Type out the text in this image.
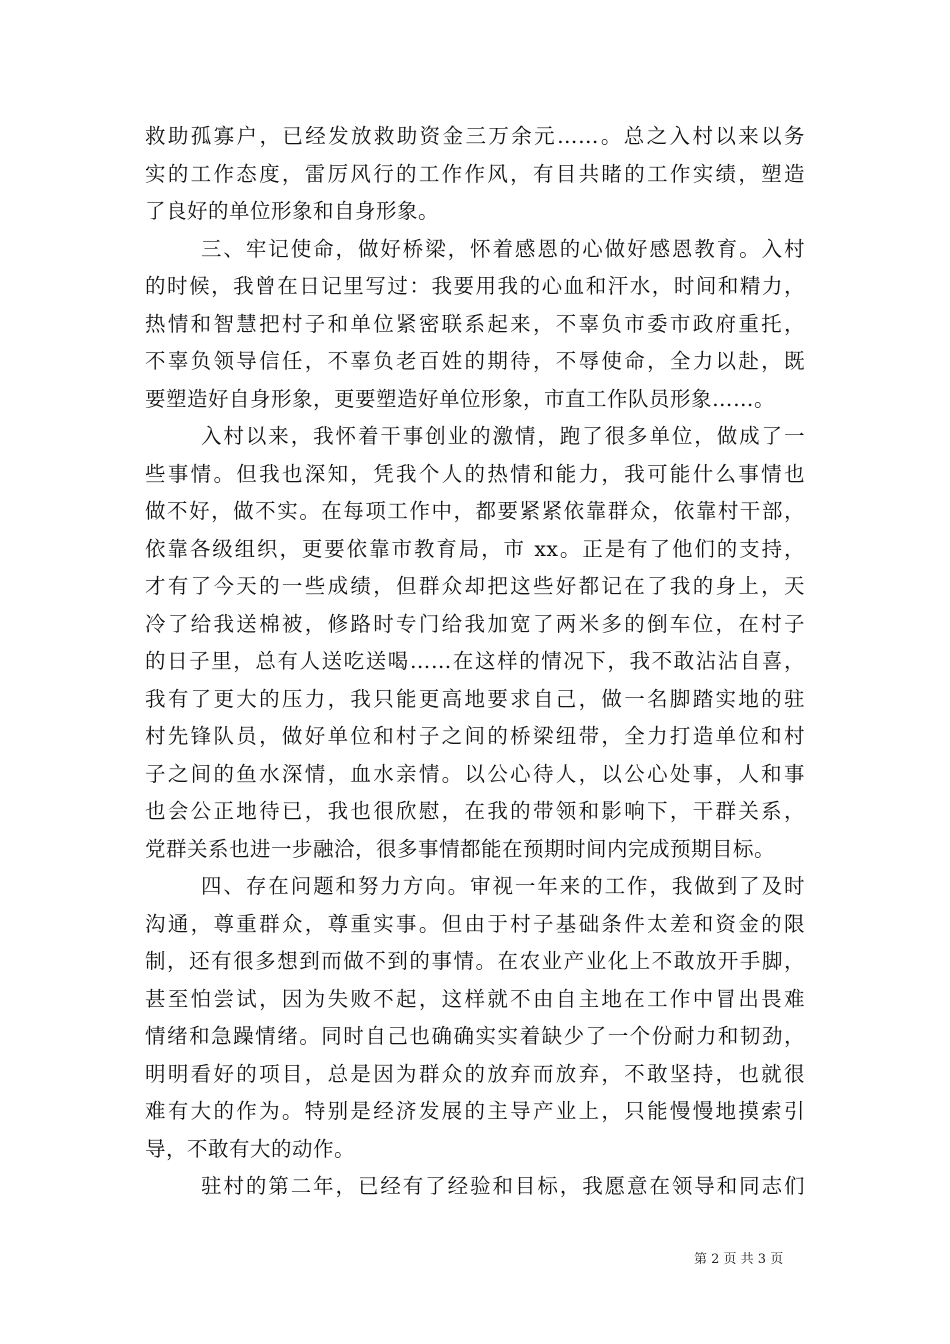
救助孤寡户，已经发放救助资金三万余元……。总之入村以来以务
实的工作态度，雷厉风行的工作作风，有目共睹的工作实绩，塑造
了良好的单位形象和自身形象。
三、牢记使命，做好桥梁，怀着感恩的心做好感恩教育。入村
的时候，我曾在日记里写过：我要用我的心血和汗水，时间和精力，
热情和智慧把村子和单位紧密联系起来，不辜负市委市政府重托，
不辜负领导信任，不辜负老百姓的期待，不辱使命，全力以赴，既
要塑造好自身形象，更要塑造好单位形象，市直工作队员形象……。
入村以来，我怀着干事创业的激情，跑了很多单位，做成了一
些事情。但我也深知，凭我个人的热情和能力，我可能什么事情也
做不好，做不实。在每项工作中，都要紧紧依靠群众，依靠村干部，
依靠各级组织，更要依靠市教育局，市 xx。正是有了他们的支持，
才有了今天的一些成绩，但群众却把这些好都记在了我的身上，天
冷了给我送棉被，修路时专门给我加宽了两米多的倒车位，在村子
的日子里，总有人送吃送喝……在这样的情况下，我不敢沾沾自喜，
我有了更大的压力，我只能更高地要求自己，做一名脚踏实地的驻
村先锋队员，做好单位和村子之间的桥梁纽带，全力打造单位和村
子之间的鱼水深情，血水亲情。以公心待人，以公心处事，人和事
也会公正地待已，我也很欣慰，在我的带领和影响下，干群关系，
党群关系也进一步融洽，很多事情都能在预期时间内完成预期目标。
四、存在问题和努力方向。审视一年来的工作，我做到了及时
沟通，尊重群众，尊重实事。但由于村子基础条件太差和资金的限
制，还有很多想到而做不到的事情。在农业产业化上不敢放开手脚，
甚至怕尝试，因为失败不起，这样就不由自主地在工作中冒出畏难
情绪和急躁情绪。同时自己也确确实实着缺少了一个份耐力和韧劲，
明明看好的项目，总是因为群众的放弃而放弃，不敢坚持，也就很
难有大的作为。特别是经济发展的主导产业上，只能慢慢地摸索引
导，不敢有大的动作。
驻村的第二年，已经有了经验和目标，我愿意在领导和同志们
第 2 页 共 3 页
